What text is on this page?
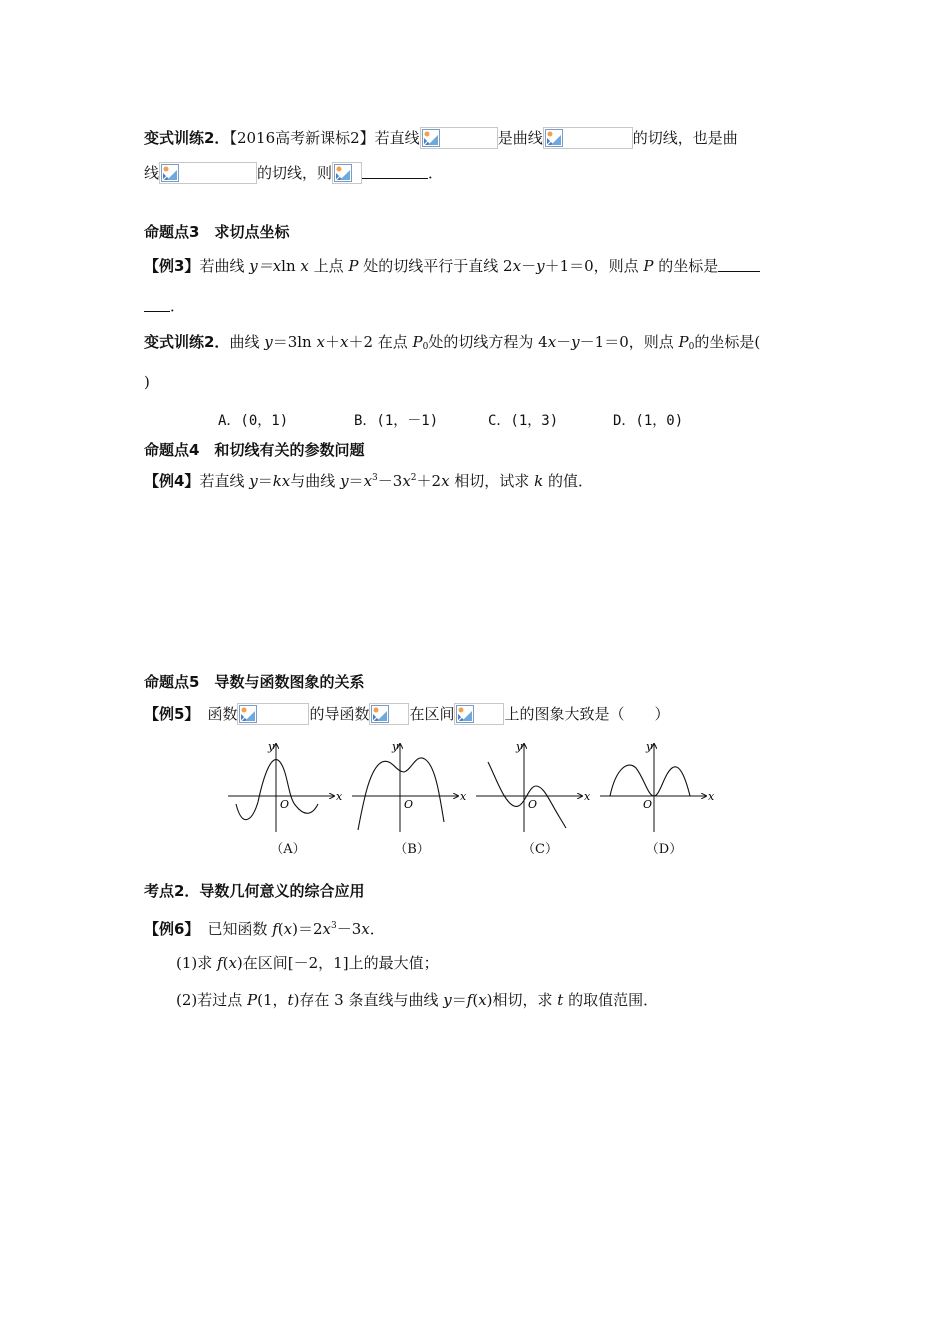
变式训练2．【2016高考新课标2】若直线	是曲线	的切线，也是曲
线	的切线，则	．
命题点3　求切点坐标
【例3】若曲线 y＝xln x 上点 P 处的切线平行于直线 2x－y＋1＝0，则点 P 的坐标是
．
变式训练2．曲线 y＝3ln x＋x＋2 在点 $P_0$处的切线方程为 4x－y－1＝0，则点 $P_0$的坐标是(
)
A．(0，1)	B．(1，－1)	C．(1，3)	D．(1，0)
命题点4　和切线有关的参数问题
【例4】若直线 y＝kx与曲线 $y=x^3-3x^2+2x$ 相切，试求 k 的值．
命题点5　导数与函数图象的关系
【例5】 函数	的导函数	在区间	上的图象大致是（　　）
x
y
O
x
y
O
x
y
O
x
y
O
（A）	（B）	（C）	（D）
考点2．导数几何意义的综合应用
【例6】 已知函数 $f(x)=2x^3-3x$．
(1)求 f(x)在区间[－2，1]上的最大值；
(2)若过点 P(1，t)存在 3 条直线与曲线 y＝f(x)相切，求 t 的取值范围．
